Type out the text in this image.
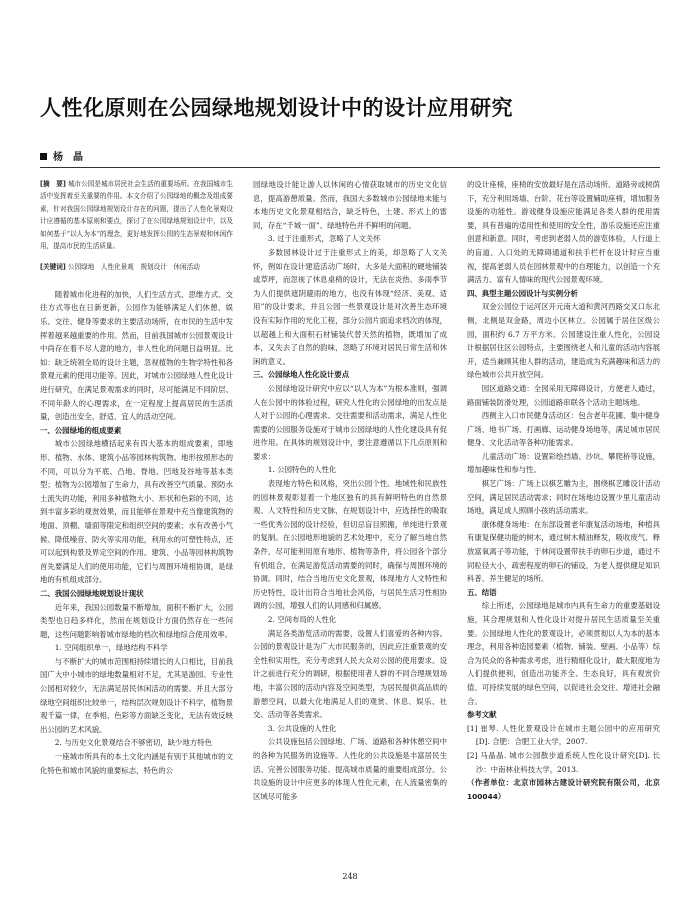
人性化原则在公园绿地规划设计中的设计应用研究
杨　晶

[摘　要] 城市公园是城市居民社会生活的重要场所。在我国城市生活中发挥着至关重要的作用。本文介绍了公园绿地的概念及组成要素，针对我国公园绿地规划设计存在的问题，提出了人性化景观设计应遵循的基本原则和要点，探讨了在公园绿地规划设计中，以及如何基于“以人为本”的理念，更好地发挥公园的生态景观和休闲作用，提高市民的生活质量。

[关键词] 公园绿地　人性化景观　规划设计　休闲活动

随着城市化进程的加快，人们生活方式、思维方式、交往方式等也在日新更新，公园作为能够满足人们休憩、娱乐、交往、健身等要求的主要活动场所，在市民的生活中发挥着越来越重要的作用。然而，目前我国城市公园景观设计中尚存在着不尽人意的地方，非人性化的问题日益明显。比如：缺乏统领全局的设计主题，忽视植物的生物学特性和各景观元素的使用功能等。因此，对城市公园绿地人性化设计进行研究，在满足景观需求的同时，尽可能满足不同阶层、不同年龄人的心理需求，在一定程度上提高居民的生活质量，创造出安全、舒适、宜人的活动空间。

一、公园绿地的组成要素

城市公园绿地横括起来有四大基本的组成要素，即地形、植物、水体、建筑小品等园林构筑物。地形按照形态的不同，可以分为平底、凸地、脊地、凹地及谷地等基本类型；植物为公园增加了生命力，具有改善空气质量、预防水土流失的功能，利用多种植物大小、形状和色彩的不同，达到丰富多彩的观赏效果，而且能够在景观中充当像建筑物的地面、顶棚、墙面等限定和组织空间的要素；水有改善小气候、降低噪音、防火等实用功能，利用水的可塑性特点，还可以起到构景及界定空间的作用。建筑、小品等园林构筑物首先要满足人们的使用功能，它们与周围环境相协调，是绿地的有机组成部分。

二、我国公园绿地规划设计现状

近年来，我国公园数量不断增加，面积不断扩大，公园类型也日趋多样化，然而在规划设计方面仍然存在一些问题，这些问题影响着城市绿地的档次和绿地综合使用效率。

1. 空间组织单一，绿地结构不科学

与不断扩大的城市范围相持续增长的人口相比，目前我国广大中小城市的绿地数量相对不足，尤其是游园、专业性公园相对较少，无法满足居民休闲活动的需要。并且大部分绿地空间组织比较单一，结构层次规划设计不科学，植物景观千篇一律，在季相、色彩等方面缺乏变化，无法有效反映出公园的艺术风貌。

2. 与历史文化景观结合不够密切，缺少地方特色

一座城市所具有的本土文化内涵是有别于其他城市的文化特色和城市风貌的重要标志，特色的公

园绿地设计能让游人以休闲的心情获取城市的历史文化信息，提高游憩质量。然而，我国大多数城市公园绿地未能与本地历史文化景观相结合，缺乏特色，土建、形式上的雷同，存在“千城一面”、绿地特色并不鲜明的问题。

3. 过于注重形式，忽略了人文关怀

多数园林设计过于注重形式上的美，却忽略了人文关怀，例如在设计建造活动广场时，大多是大面积的硬地铺装或草坪，而忽视了休息桌椅的设计，无法在炎热、多雨季节为人们提供遮阴避雨的地方，也没有体现“经济、美观、适用”的设计要求，并且公园一些景观设计是对次善生态环境没有实际作用的光化工程，部分公园片面追求档次的体现，以超越上和大面积石材铺装代替天然的植物，既增加了成本，又失去了自然的韵味，忽略了环境对居民日常生活和休闲的意义。

三、公园绿地人性化设计要点

公园绿地设计研究中应以“以人为本”为根本准则，强调人在公园中的体验过程，研究人性化的公园绿地的出发点是人对于公园的心理需求、交往需要和活动需求，满足人性化需要的公园服务设施对于城市公园绿地的人性化建设具有促进作用。在具体的规划设计中，要注意遵循以下几点原则和要求：

1. 公园特色的人性化

表现地方特色和风格，突出公园个性。地域性和民族性的园林景观彰显着一个地区独有的具有鲜明特色的自然景观、人文特性和历史文脉，在规划设计中，应选择性的吸取一些优秀公园的设计经验，但切忌盲目照搬，单纯进行景观的复制。在公园地形地貌的艺术处理中，充分了解当地自然条件，尽可能利用原有地形、植物等条件，将公园各个部分有机组合，在满足游览活动需要的同时，确保与周围环境的协调。同时，结合当地历史文化景观，体现地方人文特性和历史特性，设计出符合当地社会风俗，与居民生活习性相协调的公园，增强人们的认同感和归属感。

2. 空间布局的人性化

满足各类游览活动的需要，设置人们喜爱的各种内容。公园的景观设计是为广大市民服务的，因此应注重景观的安全性和实用性，充分考虑到人民大众对公园的使用要求。设计之前进行充分的调研，根据使用者人群的不同合理规划场地，丰富公园的活动内容及空间类型，为居民提供高品质的游憩空间，以最大化地满足人们的观赏、休息、娱乐、社交、活动等各类需求。

3. 公共设施的人性化

公共设施包括公园绿地、广场、道路和各种休憩空间中的各种为民服务的设施等。人性化的公共设施是丰富居民生活、完善公园服务功能、提高城市质量的重要组成部分。公共设施的设计中应更多的体现人性化元素，在人流量密集的区域尽可能多

的设计座椅，座椅的安放最好是在活动场所、道路旁或树荫下，充分利用场墙、台阶、花台等设置辅助座椅，增加服务设施的功能性。游戏健身设施应能满足各类人群的使用需要，具有普遍的适用性和使用的安全性，游乐设施还应注重创意和新意。同时，考虑到老弱人员的游览体验，人行道上的盲道、入口处的无障碍通道和扶手栏杆在设计时应当重视，提高老弱人员在园林景观中的自理能力，以创造一个充满活力、富有人情味的现代公园景观环境。

四、典型主题公园设计与实例分析

双金公园位于运河区开元南大道和黄河西路交叉口东北侧，北侧是双金路，周边小区林立。公园属于居住区级公园，面积约 6.7 万平方米。公园建设注重人性化，公园设计根据居住区公园特点，主要围绕老人和儿童的活动内容展开，适当兼顾其他人群的活动，建造成为充满趣味和活力的绿色城市公共开放空间。

园区道路交通：全园采用无障碍设计，方便老人通过，路面铺装防滑处理，公园道路串联各个活动主题场地。

西侧主入口市民健身活动区：包含老年花圃、集中健身广场、地书广场、打画廊、运动健身场地等，满足城市居民健身、文化活动等各种功能需求。

儿童活动广场：设置彩绘挡墙、沙坑、攀爬桥等设施，增加趣味性和参与性。

棋艺广场：广场上以棋艺雕为主，围绕棋艺雕设计活动空间，满足居民活动需求；同时在场地边设置少里儿童活动场地，满足成人照顾小孩的活动需求。

康体健身场地：在东部设置老年康复活动场地，种植具有康复保健功能的树木，通过树木精油释发，吸收废气、释放富氧离子等功能，于林间设置带扶手的卵石步道，通过不同粒径大小，疏密程度的卵石的铺设，为老人提供健足知识科普、养生健足的场所。

五、结语

综上所述，公园绿地是城市内具有生命力的重要基础设施，其合理规划和人性化设计对提升居民生活质量至关重要。公园绿地人性化的景观设计，必须贯彻以人为本的基本理念，利用各种造园要素（植物、铺装、壁画、小品等）综合为民众的各种需求考虑，进行精细化设计，最大限度地为人们提供便利，创造出功能齐全、生态良好，具有观赏价值、可持续发展的绿色空间，以促进社会交往、增进社会融合。

参考文献

[1] 崔琴. 人性化景观设计在城市主题公园中的应用研究[D]. 合肥：合肥工业大学，2007.

[2] 马晶晶. 城市公园散步道系统人性化设计研究[D]. 长沙：中南林业科技大学，2013.

（作者单位：北京市园林古建设计研究院有限公司，北京 100044）

248
